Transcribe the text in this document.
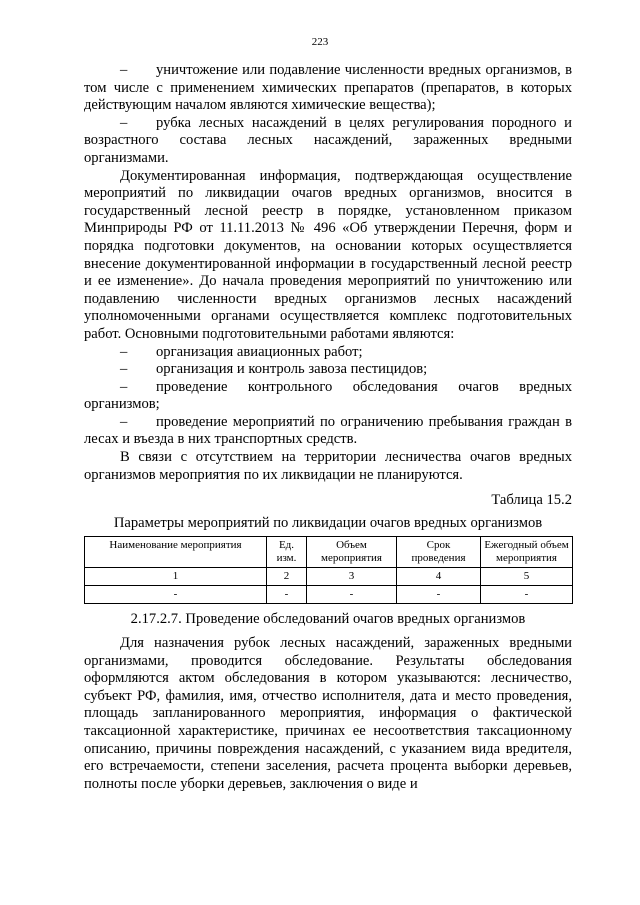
223

– уничтожение или подавление численности вредных организмов, в том числе с применением химических препаратов (препаратов, в которых действующим началом являются химические вещества);

– рубка лесных насаждений в целях регулирования породного и возрастного состава лесных насаждений, зараженных вредными организмами.

Документированная информация, подтверждающая осуществление мероприятий по ликвидации очагов вредных организмов, вносится в государственный лесной реестр в порядке, установленном приказом Минприроды РФ от 11.11.2013 № 496 «Об утверждении Перечня, форм и порядка подготовки документов, на основании которых осуществляется внесение документированной информации в государственный лесной реестр и ее изменение». До начала проведения мероприятий по уничтожению или подавлению численности вредных организмов лесных насаждений уполномоченными органами осуществляется комплекс подготовительных работ. Основными подготовительными работами являются:

– организация авиационных работ;

– организация и контроль завоза пестицидов;

– проведение контрольного обследования очагов вредных организмов;

– проведение мероприятий по ограничению пребывания граждан в лесах и въезда в них транспортных средств.

В связи с отсутствием на территории лесничества очагов вредных организмов мероприятия по их ликвидации не планируются.

Таблица 15.2

Параметры мероприятий по ликвидации очагов вредных организмов

Наименование мероприятия	Ед. изм.	Объем мероприятия	Срок проведения	Ежегодный объем мероприятия
1	2	3	4	5
-	-	-	-	-

2.17.2.7. Проведение обследований очагов вредных организмов

Для назначения рубок лесных насаждений, зараженных вредными организмами, проводится обследование. Результаты обследования оформляются актом обследования в котором указываются: лесничество, субъект РФ, фамилия, имя, отчество исполнителя, дата и место проведения, площадь запланированного мероприятия, информация о фактической таксационной характеристике, причинах ее несоответствия таксационному описанию, причины повреждения насаждений, с указанием вида вредителя, его встречаемости, степени заселения, расчета процента выборки деревьев, полноты после уборки деревьев, заключения о виде и
